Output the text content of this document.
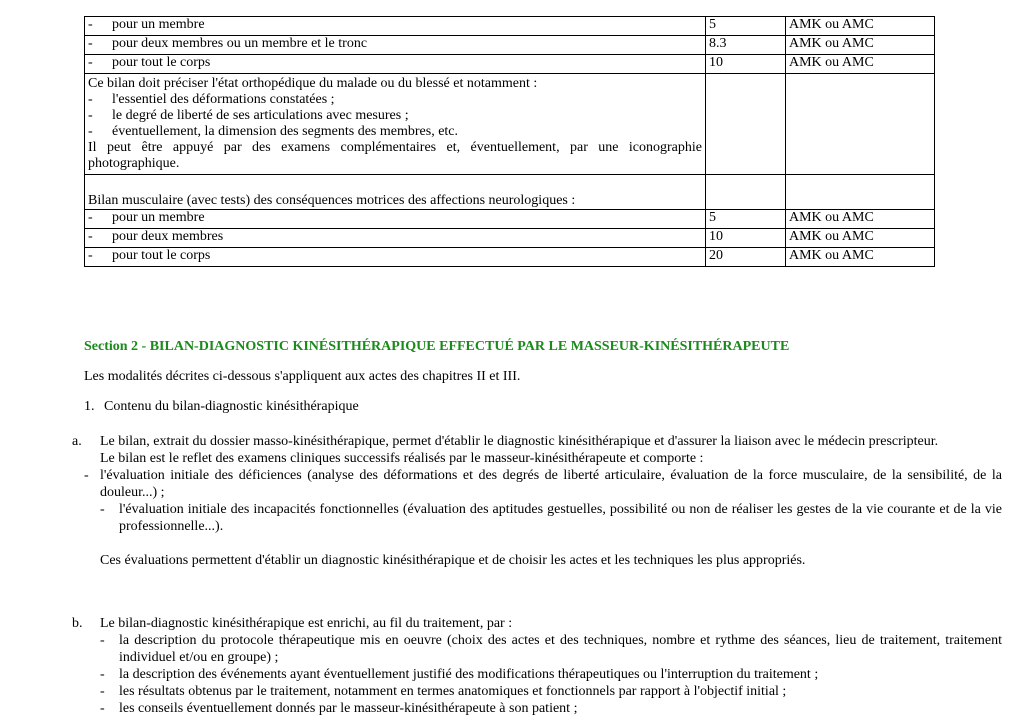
- pour un membre	5	AMK ou AMC
- pour deux membres ou un membre et le tronc	8.3	AMK ou AMC
- pour tout le corps	10	AMK ou AMC

Ce bilan doit préciser l'état orthopédique du malade ou du blessé et notamment :
- l'essentiel des déformations constatées ;
- le degré de liberté de ses articulations avec mesures ;
- éventuellement, la dimension des segments des membres, etc.
Il peut être appuyé par des examens complémentaires et, éventuellement, par une iconographie photographique.

Bilan musculaire (avec tests) des conséquences motrices des affections neurologiques :		

- pour un membre	5	AMK ou AMC
- pour deux membres	10	AMK ou AMC
- pour tout le corps	20	AMK ou AMC

Section 2 - BILAN-DIAGNOSTIC KINÉSITHÉRAPIQUE EFFECTUÉ PAR LE MASSEUR-KINÉSITHÉRAPEUTE

Les modalités décrites ci-dessous s'appliquent aux actes des chapitres II et III.

1. Contenu du bilan-diagnostic kinésithérapique

a. Le bilan, extrait du dossier masso-kinésithérapique, permet d'établir le diagnostic kinésithérapique et d'assurer la liaison avec le médecin prescripteur.
Le bilan est le reflet des examens cliniques successifs réalisés par le masseur-kinésithérapeute et comporte :
- l'évaluation initiale des déficiences (analyse des déformations et des degrés de liberté articulaire, évaluation de la force musculaire, de la sensibilité, de la douleur...) ;
- l'évaluation initiale des incapacités fonctionnelles (évaluation des aptitudes gestuelles, possibilité ou non de réaliser les gestes de la vie courante et de la vie professionnelle...).
Ces évaluations permettent d'établir un diagnostic kinésithérapique et de choisir les actes et les techniques les plus appropriés.
b. Le bilan-diagnostic kinésithérapique est enrichi, au fil du traitement, par :
- la description du protocole thérapeutique mis en oeuvre (choix des actes et des techniques, nombre et rythme des séances, lieu de traitement, traitement individuel et/ou en groupe) ;
- la description des événements ayant éventuellement justifié des modifications thérapeutiques ou l'interruption du traitement ;
- les résultats obtenus par le traitement, notamment en termes anatomiques et fonctionnels par rapport à l'objectif initial ;
- les conseils éventuellement donnés par le masseur-kinésithérapeute à son patient ;
